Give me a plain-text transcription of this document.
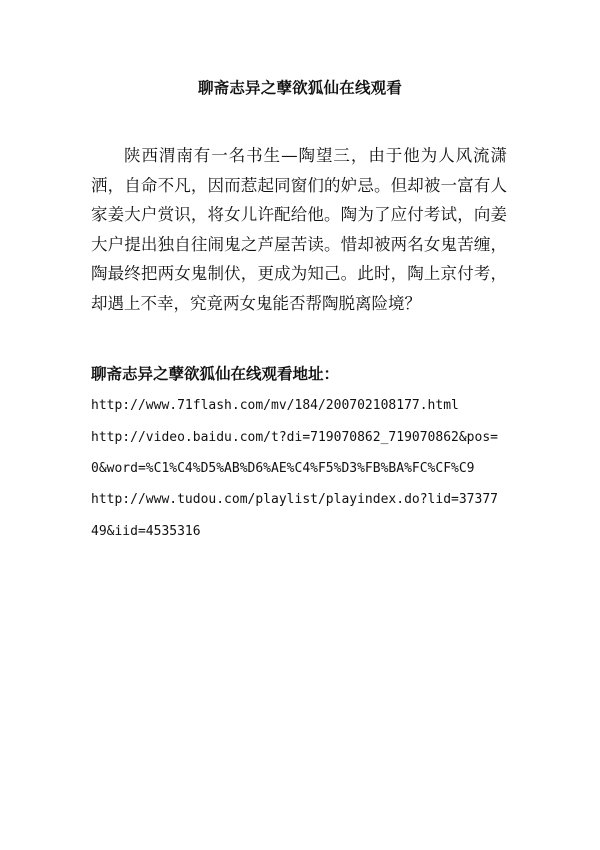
聊斋志异之孽欲狐仙在线观看

陕西渭南有一名书生—陶望三，由于他为人风流潇洒，自命不凡，因而惹起同窗们的妒忌。但却被一富有人家姜大户赏识，将女儿许配给他。陶为了应付考试，向姜大户提出独自往闹鬼之芦屋苦读。惜却被两名女鬼苦缠，陶最终把两女鬼制伏，更成为知己。此时，陶上京付考，却遇上不幸，究竟两女鬼能否帮陶脱离险境？

聊斋志异之孽欲狐仙在线观看地址：
http://www.71flash.com/mv/184/200702108177.html
http://video.baidu.com/t?di=719070862_719070862&pos=
0&word=%C1%C4%D5%AB%D6%AE%C4%F5%D3%FB%BA%FC%CF%C9
http://www.tudou.com/playlist/playindex.do?lid=37377
49&iid=4535316
